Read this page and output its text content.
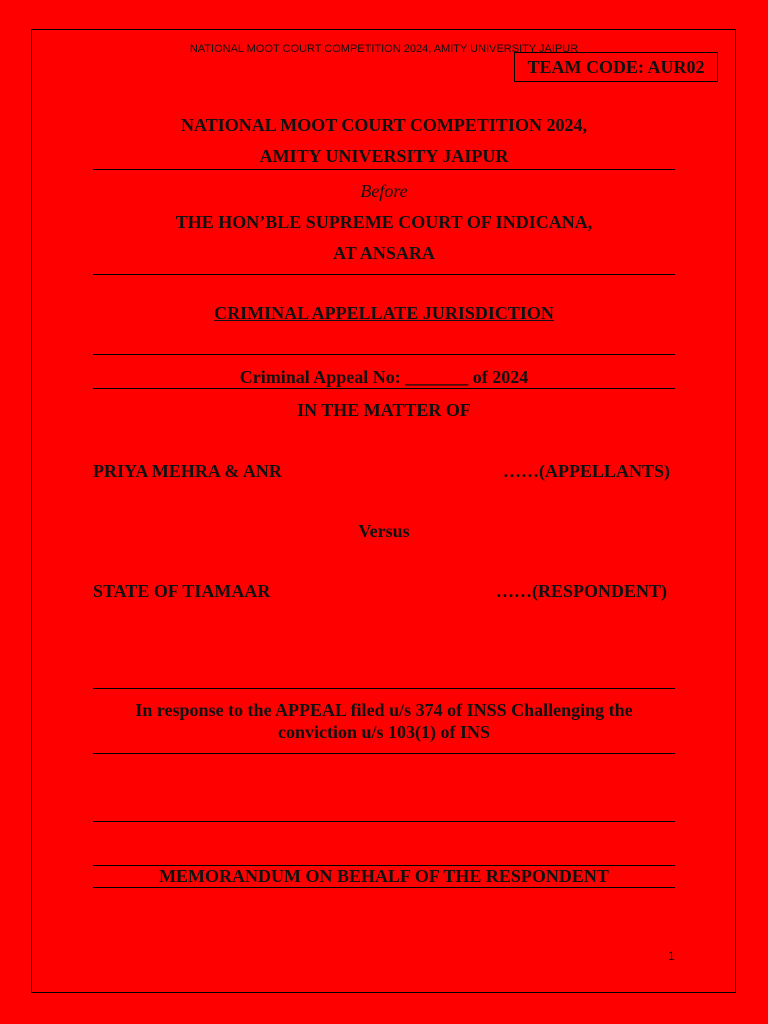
NATIONAL MOOT COURT COMPETITION 2024, AMITY UNIVERSITY JAIPUR
TEAM CODE: AUR02
NATIONAL MOOT COURT COMPETITION 2024,
AMITY UNIVERSITY JAIPUR
Before
THE HON’BLE SUPREME COURT OF INDICANA,
AT ANSARA
CRIMINAL APPELLATE JURISDICTION
Criminal Appeal No: _______ of 2024
IN THE MATTER OF
PRIYA MEHRA & ANR	……(APPELLANTS)
Versus
STATE OF TIAMAAR	……(RESPONDENT)
In response to the APPEAL filed u/s 374 of INSS Challenging the
conviction u/s 103(1) of INS
MEMORANDUM ON BEHALF OF THE RESPONDENT
1
